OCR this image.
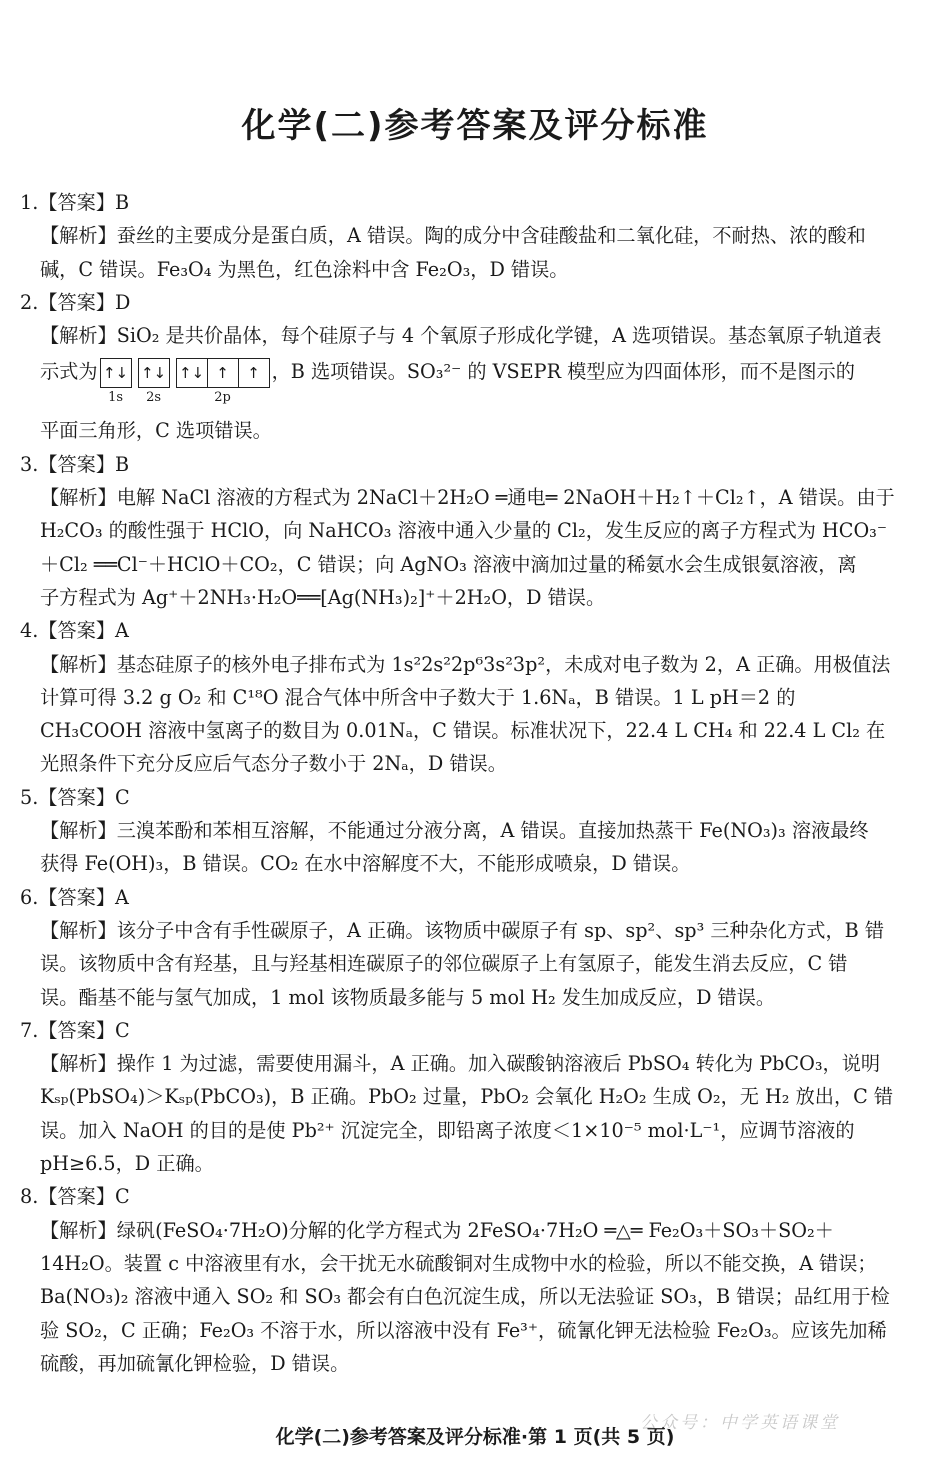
化学(二)参考答案及评分标准
1.【答案】B
【解析】蚕丝的主要成分是蛋白质，A 错误。陶的成分中含硅酸盐和二氧化硅，不耐热、浓的酸和
碱，C 错误。Fe₃O₄ 为黑色，红色涂料中含 Fe₂O₃，D 错误。
2.【答案】D
【解析】SiO₂ 是共价晶体，每个硅原子与 4 个氧原子形成化学键，A 选项错误。基态氧原子轨道表
示式为 ↑↓
1s
↑↓
2s
↑↓ ↑	↑
2p
，B 选项错误。SO₃²⁻ 的 VSEPR 模型应为四面体形，而不是图示的
平面三角形，C 选项错误。
3.【答案】B
【解析】电解 NaCl 溶液的方程式为 2NaCl＋2H₂O ═通电═ 2NaOH＋H₂↑＋Cl₂↑，A 错误。由于
H₂CO₃ 的酸性强于 HClO，向 NaHCO₃ 溶液中通入少量的 Cl₂，发生反应的离子方程式为 HCO₃⁻
＋Cl₂ ══Cl⁻＋HClO＋CO₂，C 错误；向 AgNO₃ 溶液中滴加过量的稀氨水会生成银氨溶液，离
子方程式为 Ag⁺＋2NH₃·H₂O══[Ag(NH₃)₂]⁺＋2H₂O，D 错误。
4.【答案】A
【解析】基态硅原子的核外电子排布式为 1s²2s²2p⁶3s²3p²，未成对电子数为 2，A 正确。用极值法
计算可得 3.2 g O₂ 和 C¹⁸O 混合气体中所含中子数大于 1.6Nₐ，B 错误。1 L pH＝2 的
CH₃COOH 溶液中氢离子的数目为 0.01Nₐ，C 错误。标准状况下，22.4 L CH₄ 和 22.4 L Cl₂ 在
光照条件下充分反应后气态分子数小于 2Nₐ，D 错误。
5.【答案】C
【解析】三溴苯酚和苯相互溶解，不能通过分液分离，A 错误。直接加热蒸干 Fe(NO₃)₃ 溶液最终
获得 Fe(OH)₃，B 错误。CO₂ 在水中溶解度不大，不能形成喷泉，D 错误。
6.【答案】A
【解析】该分子中含有手性碳原子，A 正确。该物质中碳原子有 sp、sp²、sp³ 三种杂化方式，B 错
误。该物质中含有羟基，且与羟基相连碳原子的邻位碳原子上有氢原子，能发生消去反应，C 错
误。酯基不能与氢气加成，1 mol 该物质最多能与 5 mol H₂ 发生加成反应，D 错误。
7.【答案】C
【解析】操作 1 为过滤，需要使用漏斗，A 正确。加入碳酸钠溶液后 PbSO₄ 转化为 PbCO₃，说明
Kₛₚ(PbSO₄)＞Kₛₚ(PbCO₃)，B 正确。PbO₂ 过量，PbO₂ 会氧化 H₂O₂ 生成 O₂，无 H₂ 放出，C 错
误。加入 NaOH 的目的是使 Pb²⁺ 沉淀完全，即铅离子浓度＜1×10⁻⁵ mol·L⁻¹，应调节溶液的
pH≥6.5，D 正确。
8.【答案】C
【解析】绿矾(FeSO₄·7H₂O)分解的化学方程式为 2FeSO₄·7H₂O ═△═ Fe₂O₃＋SO₃＋SO₂＋
14H₂O。装置 c 中溶液里有水，会干扰无水硫酸铜对生成物中水的检验，所以不能交换，A 错误；
Ba(NO₃)₂ 溶液中通入 SO₂ 和 SO₃ 都会有白色沉淀生成，所以无法验证 SO₃，B 错误；品红用于检
验 SO₂，C 正确；Fe₂O₃ 不溶于水，所以溶液中没有 Fe³⁺，硫氰化钾无法检验 Fe₂O₃。应该先加稀
硫酸，再加硫氰化钾检验，D 错误。
公众号：中学英语课堂
化学(二)参考答案及评分标准·第 1 页(共 5 页)
